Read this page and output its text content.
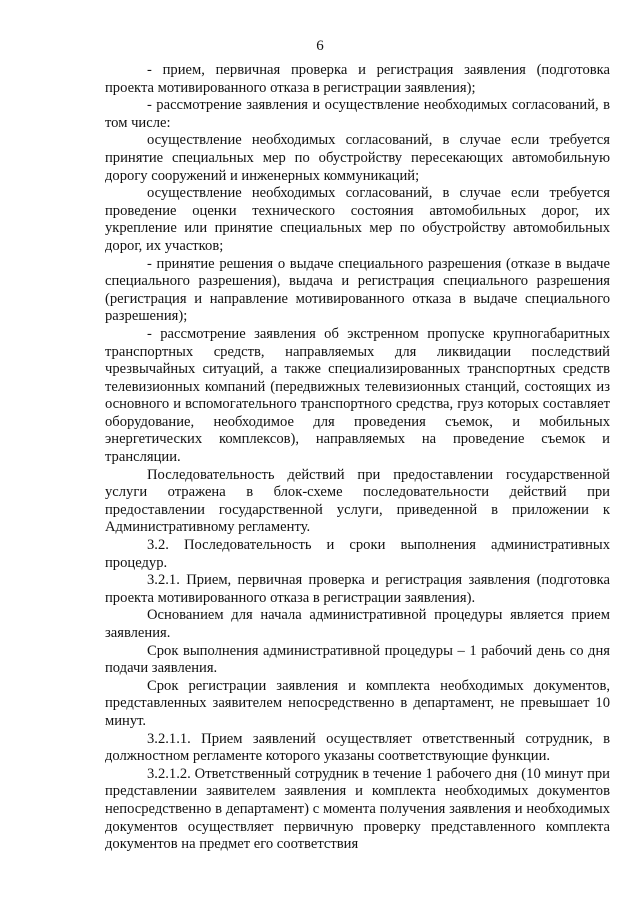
6

- прием, первичная проверка и регистрация заявления (подготовка проекта мотивированного отказа в регистрации заявления);

- рассмотрение заявления и осуществление необходимых согласований, в том числе:

осуществление необходимых согласований, в случае если требуется принятие специальных мер по обустройству пересекающих автомобильную дорогу сооружений и инженерных коммуникаций;

осуществление необходимых согласований, в случае если требуется проведение оценки технического состояния автомобильных дорог, их укрепление или принятие специальных мер по обустройству автомобильных дорог, их участков;

- принятие решения о выдаче специального разрешения (отказе в выдаче специального разрешения), выдача и регистрация специального разрешения (регистрация и направление мотивированного отказа в выдаче специального разрешения);

- рассмотрение заявления об экстренном пропуске крупногабаритных транспортных средств, направляемых для ликвидации последствий чрезвычайных ситуаций, а также специализированных транспортных средств телевизионных компаний (передвижных телевизионных станций, состоящих из основного и вспомогательного транспортного средства, груз которых составляет оборудование, необходимое для проведения съемок, и мобильных энергетических комплексов), направляемых на проведение съемок и трансляции.

Последовательность действий при предоставлении государственной услуги отражена в блок-схеме последовательности действий при предоставлении государственной услуги, приведенной в приложении к Административному регламенту.

3.2. Последовательность и сроки выполнения административных процедур.

3.2.1. Прием, первичная проверка и регистрация заявления (подготовка проекта мотивированного отказа в регистрации заявления).

Основанием для начала административной процедуры является прием заявления.

Срок выполнения административной процедуры – 1 рабочий день со дня подачи заявления.

Срок регистрации заявления и комплекта необходимых документов, представленных заявителем непосредственно в департамент, не превышает 10 минут.

3.2.1.1. Прием заявлений осуществляет ответственный сотрудник, в должностном регламенте которого указаны соответствующие функции.

3.2.1.2. Ответственный сотрудник в течение 1 рабочего дня (10 минут при представлении заявителем заявления и комплекта необходимых документов непосредственно в департамент) с момента получения заявления и необходимых документов осуществляет первичную проверку представленного комплекта документов на предмет его соответствия
